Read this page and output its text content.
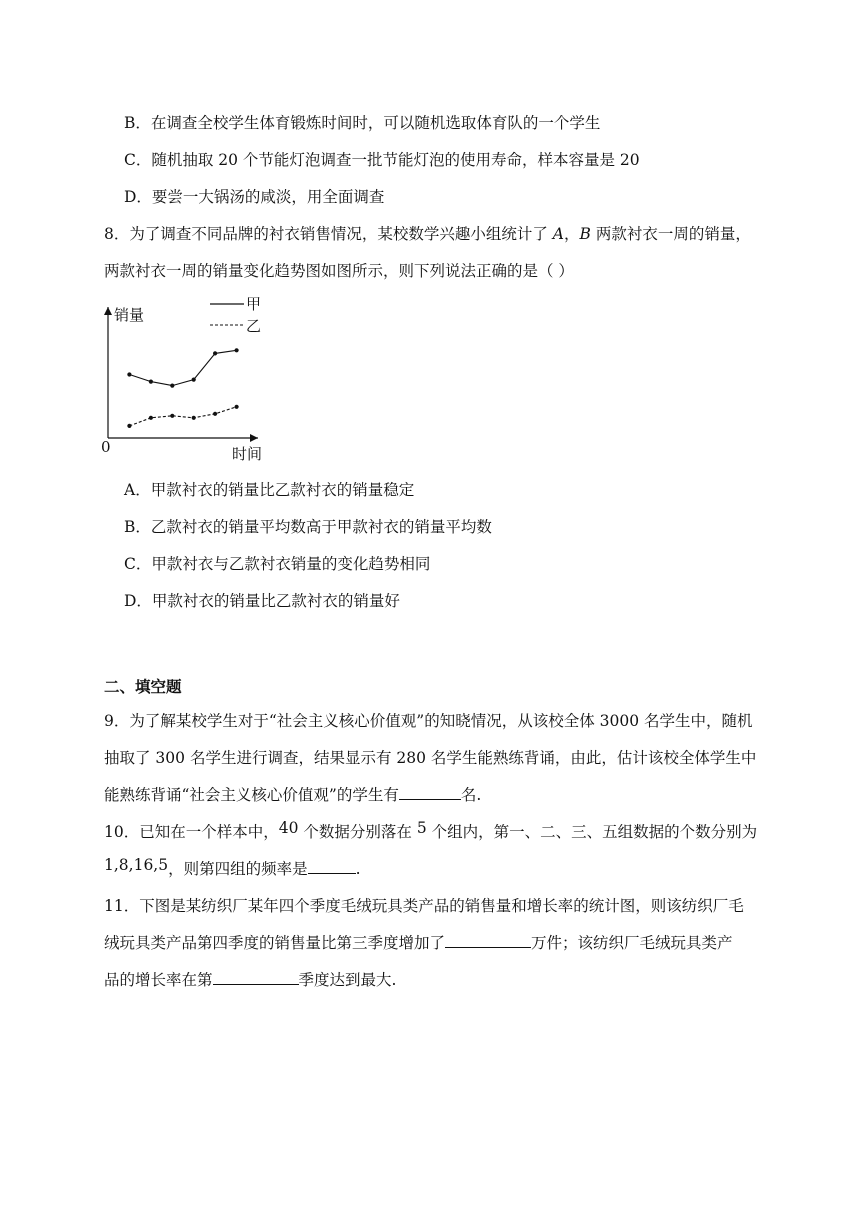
B．在调查全校学生体育锻炼时间时，可以随机选取体育队的一个学生
C．随机抽取 20 个节能灯泡调查一批节能灯泡的使用寿命，样本容量是 20
D．要尝一大锅汤的咸淡，用全面调查
8．为了调查不同品牌的衬衣销售情况，某校数学兴趣小组统计了 A，B 两款衬衣一周的销量，
两款衬衣一周的销量变化趋势图如图所示，则下列说法正确的是（ ）
销量
时间
0
甲
乙
A．甲款衬衣的销量比乙款衬衣的销量稳定
B．乙款衬衣的销量平均数高于甲款衬衣的销量平均数
C．甲款衬衣与乙款衬衣销量的变化趋势相同
D．甲款衬衣的销量比乙款衬衣的销量好
二、填空题
9．为了解某校学生对于“社会主义核心价值观”的知晓情况，从该校全体 3000 名学生中，随机
抽取了 300 名学生进行调查，结果显示有 280 名学生能熟练背诵，由此，估计该校全体学生中
能熟练背诵“社会主义核心价值观”的学生有	名.
10．已知在一个样本中，40 个数据分别落在 5 个组内，第一、二、三、五组数据的个数分别为
1,8,16,5，则第四组的频率是	.
11．下图是某纺织厂某年四个季度毛绒玩具类产品的销售量和增长率的统计图，则该纺织厂毛
绒玩具类产品第四季度的销售量比第三季度增加了	万件；该纺织厂毛绒玩具类产
品的增长率在第	季度达到最大.
